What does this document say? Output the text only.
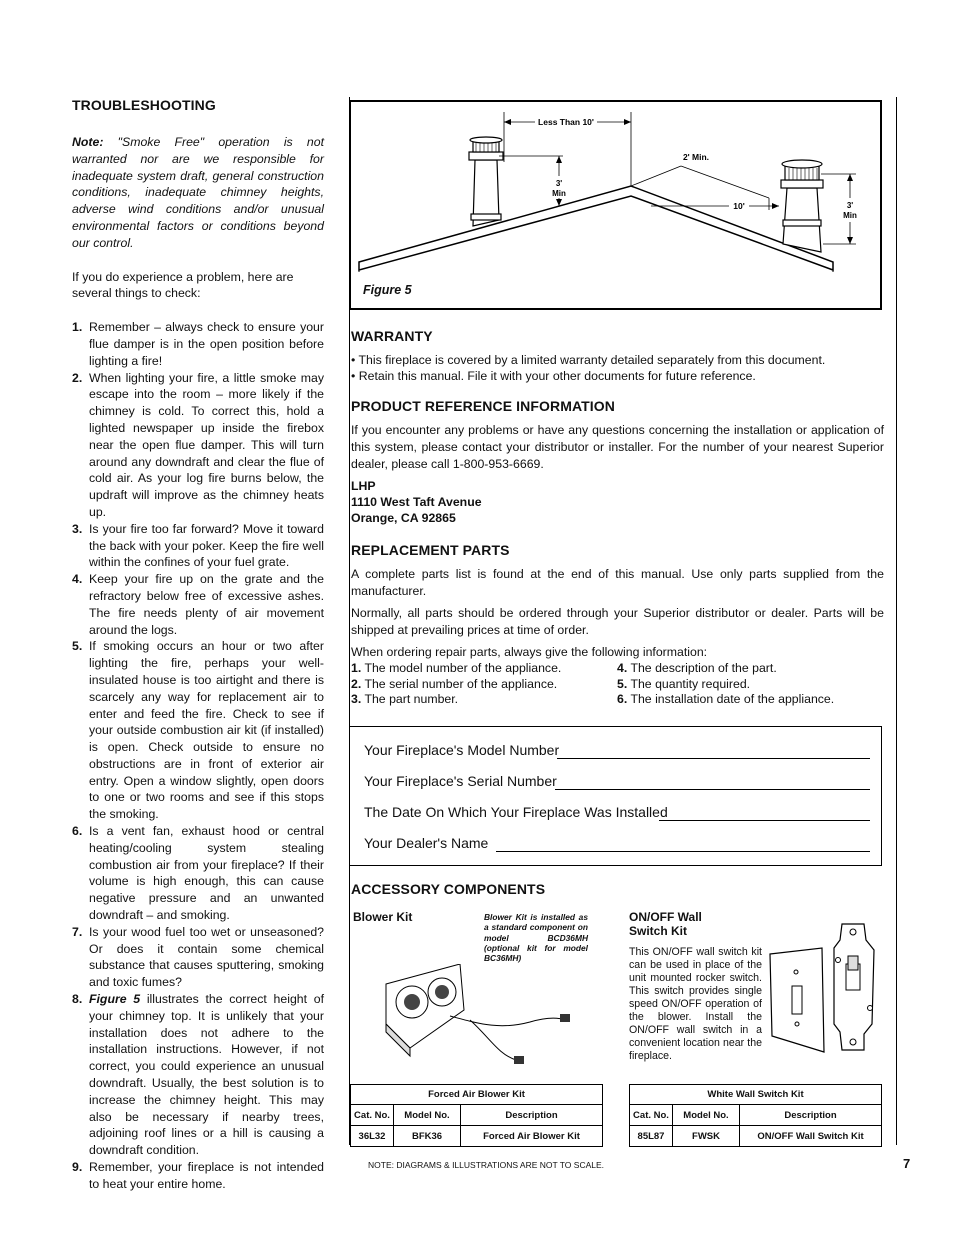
TROUBLESHOOTING
Note: "Smoke Free" operation is not warranted nor are we responsible for inadequate system draft, general construction conditions, inadequate chimney heights, adverse wind conditions and/or unusual environmental factors or conditions beyond our control.
If you do experience a problem, here are several things to check:
1. Remember – always check to ensure your flue damper is in the open position before lighting a fire!
2. When lighting your fire, a little smoke may escape into the room – more likely if the chimney is cold. To correct this, hold a lighted newspaper up inside the firebox near the open flue damper. This will turn around any downdraft and clear the flue of cold air. As your log fire burns below, the updraft will improve as the chimney heats up.
3. Is your fire too far forward? Move it toward the back with your poker. Keep the fire well within the confines of your fuel grate.
4. Keep your fire up on the grate and the refractory below free of excessive ashes. The fire needs plenty of air movement around the logs.
5. If smoking occurs an hour or two after lighting the fire, perhaps your well-insulated house is too airtight and there is scarcely any way for replacement air to enter and feed the fire. Check to see if your outside combustion air kit (if installed) is open. Check outside to ensure no obstructions are in front of exterior air entry. Open a window slightly, open doors to one or two rooms and see if this stops the smoking.
6. Is a vent fan, exhaust hood or central heating/cooling system stealing combustion air from your fireplace? If their volume is high enough, this can cause negative pressure and an unwanted downdraft – and smoking.
7. Is your wood fuel too wet or unseasoned? Or does it contain some chemical substance that causes sputtering, smoking and toxic fumes?
8. Figure 5 illustrates the correct height of your chimney top. It is unlikely that your installation does not adhere to the installation instructions. However, if not correct, you could experience an unusual downdraft. Usually, the best solution is to increase the chimney height. This may also be necessary if nearby trees, adjoining roof lines or a hill is causing a downdraft condition.
9. Remember, your fireplace is not intended to heat your entire home.
Less Than 10'
3'
Min
2' Min.
10'	3'
Min
Figure 5
WARRANTY
• This fireplace is covered by a limited warranty detailed separately from this document.
• Retain this manual. File it with your other documents for future reference.
PRODUCT REFERENCE INFORMATION
If you encounter any problems or have any questions concerning the installation or application of this system, please contact your distributor or installer. For the number of your nearest Superior dealer, please call 1-800-953-6669.
LHP
1110 West Taft Avenue
Orange, CA 92865
REPLACEMENT PARTS
A complete parts list is found at the end of this manual. Use only parts supplied from the manufacturer.
Normally, all parts should be ordered through your Superior distributor or dealer. Parts will be shipped at prevailing prices at time of order.
When ordering repair parts, always give the following information:
1. The model number of the appliance.
2. The serial number of the appliance.
3. The part number.
4. The description of the part.
5. The quantity required.
6. The installation date of the appliance.
Your Fireplace's Model Number
Your Fireplace's Serial Number
The Date On Which Your Fireplace Was Installed
Your Dealer's Name
ACCESSORY COMPONENTS
Blower Kit	Blower Kit is installed as a standard component on model BCD36MH (optional kit for model BC36MH)
ON/OFF Wall
Switch Kit
This ON/OFF wall switch kit can be used in place of the unit mounted rocker switch. This switch provides single speed ON/OFF operation of the blower. Install the ON/OFF wall switch in a convenient location near the fireplace.
Forced Air Blower Kit		
Cat. No.	Model No.	Description
36L32	BFK36	Forced Air Blower Kit
White Wall Switch Kit		
Cat. No.	Model No.	Description
85L87	FWSK	ON/OFF Wall Switch Kit
NOTE: DIAGRAMS & ILLUSTRATIONS ARE NOT TO SCALE.	7
